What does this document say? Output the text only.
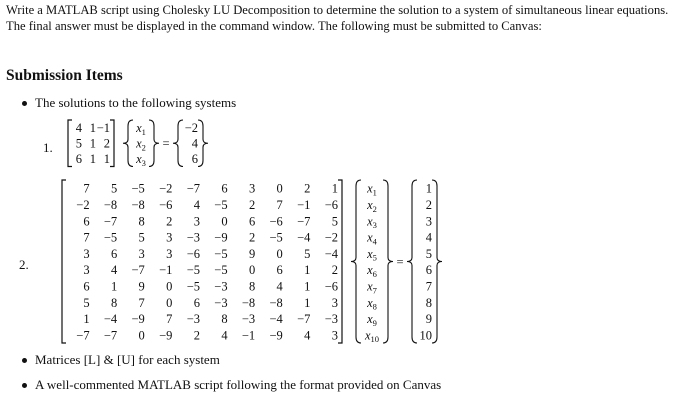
Write a MATLAB script using Cholesky LU Decomposition to determine the solution to a system of simultaneous linear equations. The final answer must be displayed in the command window. The following must be submitted to Canvas:
Submission Items
The solutions to the following systems
1.
4 1 −1
5 1 2
6 1 1
$x_1$
$x_2$
$x_3$
=
−2
4
6
2.
7 5 −5 −2 −7 6 3 0 2 1
−2 −8 −8 −6 4 −5 2 7 −1 −6
6 −7 8 2 3 0 6 −6 −7 5
7 −5 5 3 −3 −9 2 −5 −4 −2
3 6 3 3 −6 −5 9 0 5 −4
3 4 −7 −1 −5 −5 0 6 1 2
6 1 9 0 −5 −3 8 4 1 −6
5 8 7 0 6 −3 −8 −8 1 3
1 −4 −9 7 −3 8 −3 −4 −7 −3
−7 −7 0 −9 2 4 −1 −9 4 3
$x_1$
$x_2$
$x_3$
$x_4$
$x_5$
$x_6$
$x_7$
$x_8$
$x_9$
$x_{10}$
=
1
2
3
4
5
6
7
8
9
10
Matrices [L] & [U] for each system
A well-commented MATLAB script following the format provided on Canvas
